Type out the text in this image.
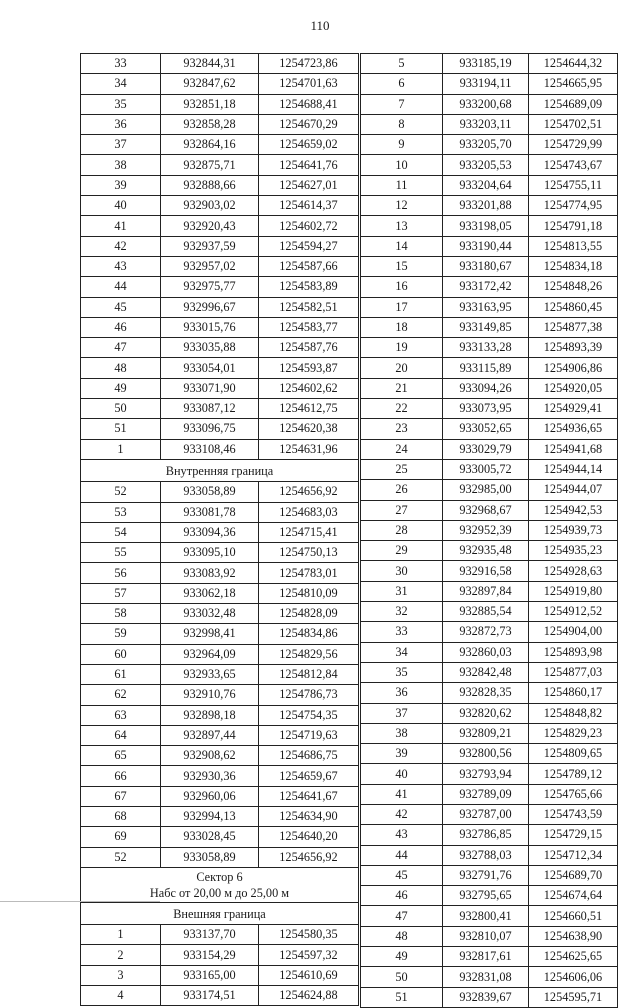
110
33	932844,31	1254723,86
34	932847,62	1254701,63
35	932851,18	1254688,41
36	932858,28	1254670,29
37	932864,16	1254659,02
38	932875,71	1254641,76
39	932888,66	1254627,01
40	932903,02	1254614,37
41	932920,43	1254602,72
42	932937,59	1254594,27
43	932957,02	1254587,66
44	932975,77	1254583,89
45	932996,67	1254582,51
46	933015,76	1254583,77
47	933035,88	1254587,76
48	933054,01	1254593,87
49	933071,90	1254602,62
50	933087,12	1254612,75
51	933096,75	1254620,38
1	933108,46	1254631,96

Внутренняя граница		

52	933058,89	1254656,92
53	933081,78	1254683,03
54	933094,36	1254715,41
55	933095,10	1254750,13
56	933083,92	1254783,01
57	933062,18	1254810,09
58	933032,48	1254828,09
59	932998,41	1254834,86
60	932964,09	1254829,56
61	932933,65	1254812,84
62	932910,76	1254786,73
63	932898,18	1254754,35
64	932897,44	1254719,63
65	932908,62	1254686,75
66	932930,36	1254659,67
67	932960,06	1254641,67
68	932994,13	1254634,90
69	933028,45	1254640,20
52	933058,89	1254656,92

Сектор 6
Набс от 20,00 м до 25,00 м		

Внешняя граница		

1	933137,70	1254580,35
2	933154,29	1254597,32
3	933165,00	1254610,69
4	933174,51	1254624,88
5	933185,19	1254644,32
6	933194,11	1254665,95
7	933200,68	1254689,09
8	933203,11	1254702,51
9	933205,70	1254729,99
10	933205,53	1254743,67
11	933204,64	1254755,11
12	933201,88	1254774,95
13	933198,05	1254791,18
14	933190,44	1254813,55
15	933180,67	1254834,18
16	933172,42	1254848,26
17	933163,95	1254860,45
18	933149,85	1254877,38
19	933133,28	1254893,39
20	933115,89	1254906,86
21	933094,26	1254920,05
22	933073,95	1254929,41
23	933052,65	1254936,65
24	933029,79	1254941,68
25	933005,72	1254944,14
26	932985,00	1254944,07
27	932968,67	1254942,53
28	932952,39	1254939,73
29	932935,48	1254935,23
30	932916,58	1254928,63
31	932897,84	1254919,80
32	932885,54	1254912,52
33	932872,73	1254904,00
34	932860,03	1254893,98
35	932842,48	1254877,03
36	932828,35	1254860,17
37	932820,62	1254848,82
38	932809,21	1254829,23
39	932800,56	1254809,65
40	932793,94	1254789,12
41	932789,09	1254765,66
42	932787,00	1254743,59
43	932786,85	1254729,15
44	932788,03	1254712,34
45	932791,76	1254689,70
46	932795,65	1254674,64
47	932800,41	1254660,51
48	932810,07	1254638,90
49	932817,61	1254625,65
50	932831,08	1254606,06
51	932839,67	1254595,71
